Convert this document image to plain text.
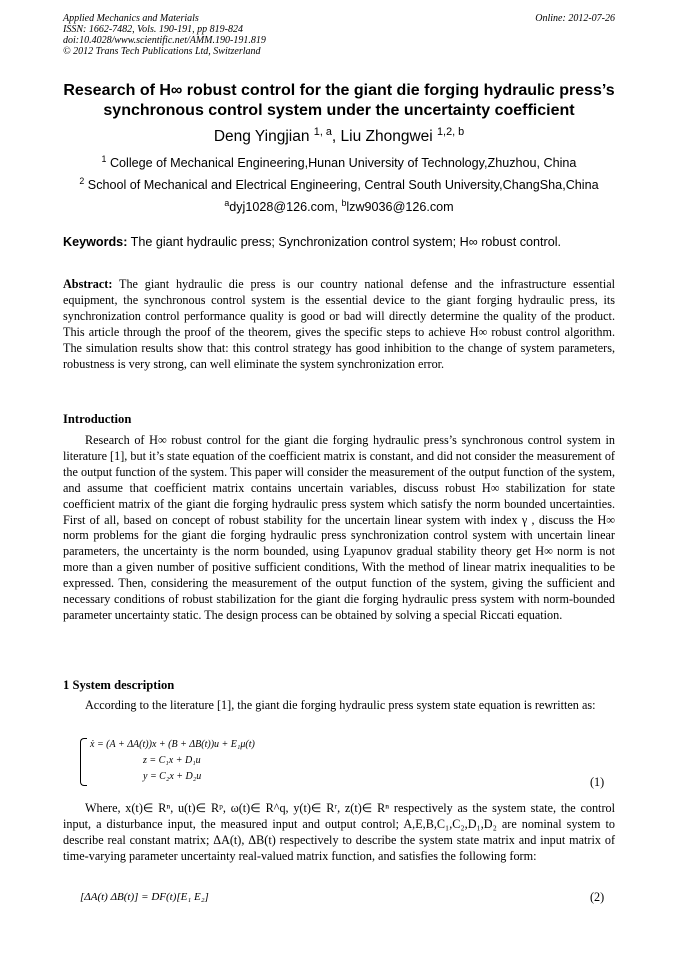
Applied Mechanics and Materials
ISSN: 1662-7482, Vols. 190-191, pp 819-824
doi:10.4028/www.scientific.net/AMM.190-191.819
© 2012 Trans Tech Publications Ltd, Switzerland
Online: 2012-07-26
Research of H∞ robust control for the giant die forging hydraulic press’s
synchronous control system under the uncertainty coefficient
Deng Yingjian $^{1, a}$, Liu Zhongwei $^{1,2, b}$
$^1$ College of Mechanical Engineering,Hunan University of Technology,Zhuzhou, China
$^2$ School of Mechanical and Electrical Engineering, Central South University,ChangSha,China
$^a$dyj1028@126.com, $^b$lzw9036@126.com
Keywords: The giant hydraulic press; Synchronization control system; H∞ robust control.
Abstract: The giant hydraulic die press is our country national defense and the infrastructure essential equipment, the synchronous control system is the essential device to the giant forging hydraulic press, its synchronization control performance quality is good or bad will directly determine the quality of the product. This article through the proof of the theorem, gives the specific steps to achieve H∞ robust control algorithm. The simulation results show that: this control strategy has good inhibition to the change of system parameters, robustness is very strong, can well eliminate the system synchronization error.
Introduction
Research of H∞ robust control for the giant die forging hydraulic press’s synchronous control system in literature [1], but it’s state equation of the coefficient matrix is constant, and did not consider the measurement of the output function of the system. This paper will consider the measurement of the output function of the system, and assume that coefficient matrix contains uncertain variables, discuss robust H∞ stabilization for state coefficient matrix of the giant die forging hydraulic press system which satisfy the norm bounded uncertainties. First of all, based on concept of robust stability for the uncertain linear system with index γ , discuss the H∞ norm problems for the giant die forging hydraulic press synchronization control system with uncertain linear parameters, the uncertainty is the norm bounded, using Lyapunov gradual stability theory get H∞ norm is not more than a given number of positive sufficient conditions, With the method of linear matrix inequalities to be expressed. Then, considering the measurement of the output function of the system, giving the sufficient and necessary conditions of robust stabilization for the giant die forging hydraulic press system with norm-bounded parameter uncertainty static. The design process can be obtained by solving a special Riccati equation.
1 System description
According to the literature [1], the giant die forging hydraulic press system state equation is rewritten as:
ẋ = (A + ΔA(t))x + (B + ΔB(t))u + E₁μ(t)
z = C₁x + D₁u
y = C₂x + D₂u	(1)
Where, x(t)∈ Rⁿ, u(t)∈ Rᵖ, ω(t)∈ R^q, y(t)∈ Rʳ, z(t)∈ Rⁿ respectively as the system state, the control input, a disturbance input, the measured input and output control; A,E,B,C₁,C₂,D₁,D₂ are nominal system to describe real constant matrix; ΔA(t), ΔB(t) respectively to describe the system state matrix and input matrix of time-varying parameter uncertainty real-valued matrix function, and satisfies the following form:
[ΔA(t) ΔB(t)] = DF(t)[E₁ E₂]	(2)
